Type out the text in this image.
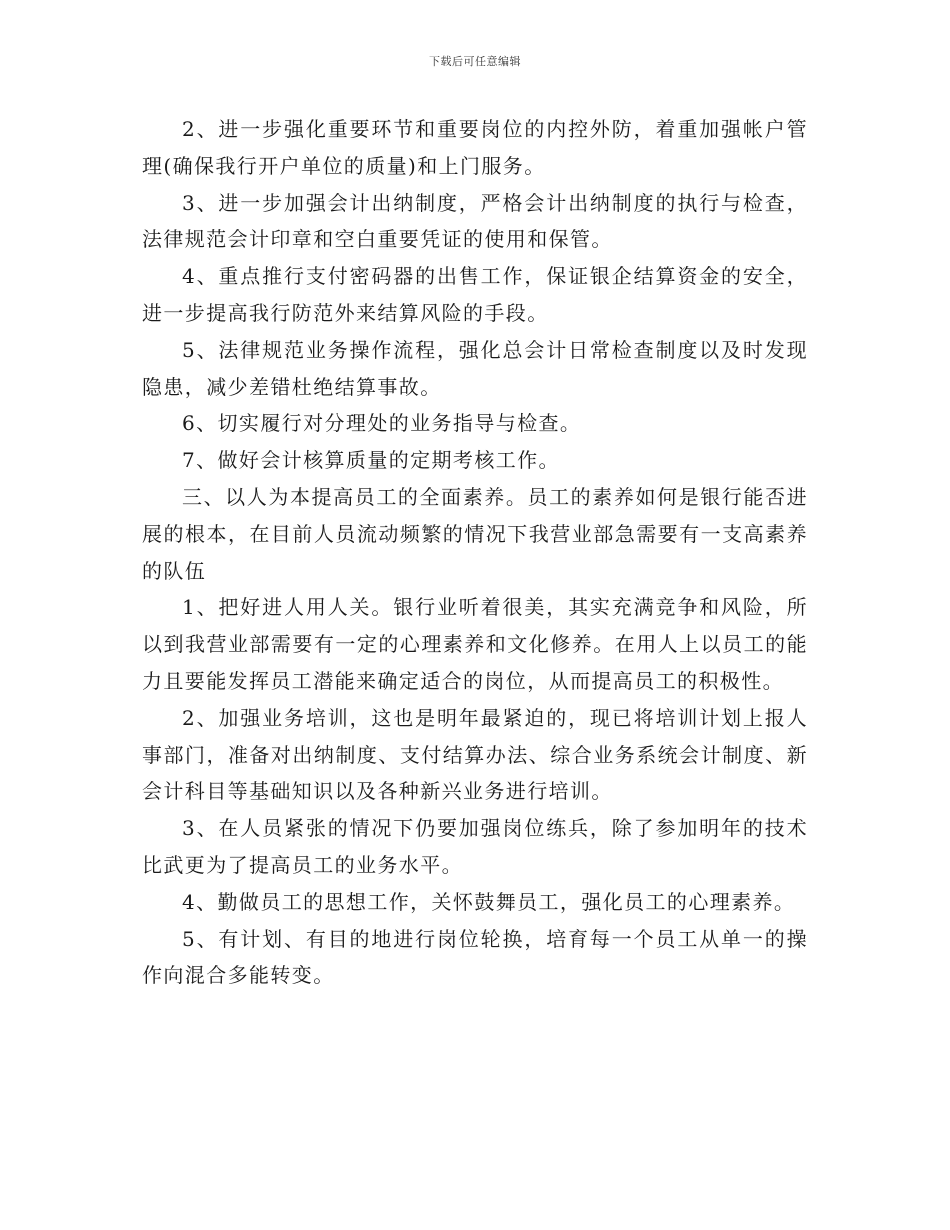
下载后可任意编辑

2、进一步强化重要环节和重要岗位的内控外防，着重加强帐户管理(确保我行开户单位的质量)和上门服务。

3、进一步加强会计出纳制度，严格会计出纳制度的执行与检查，法律规范会计印章和空白重要凭证的使用和保管。

4、重点推行支付密码器的出售工作，保证银企结算资金的安全，进一步提高我行防范外来结算风险的手段。

5、法律规范业务操作流程，强化总会计日常检查制度以及时发现隐患，减少差错杜绝结算事故。

6、切实履行对分理处的业务指导与检查。

7、做好会计核算质量的定期考核工作。

三、以人为本提高员工的全面素养。员工的素养如何是银行能否进展的根本，在目前人员流动频繁的情况下我营业部急需要有一支高素养的队伍

1、把好进人用人关。银行业听着很美，其实充满竞争和风险，所以到我营业部需要有一定的心理素养和文化修养。在用人上以员工的能力且要能发挥员工潜能来确定适合的岗位，从而提高员工的积极性。

2、加强业务培训，这也是明年最紧迫的，现已将培训计划上报人事部门，准备对出纳制度、支付结算办法、综合业务系统会计制度、新会计科目等基础知识以及各种新兴业务进行培训。

3、在人员紧张的情况下仍要加强岗位练兵，除了参加明年的技术比武更为了提高员工的业务水平。

4、勤做员工的思想工作，关怀鼓舞员工，强化员工的心理素养。

5、有计划、有目的地进行岗位轮换，培育每一个员工从单一的操作向混合多能转变。
